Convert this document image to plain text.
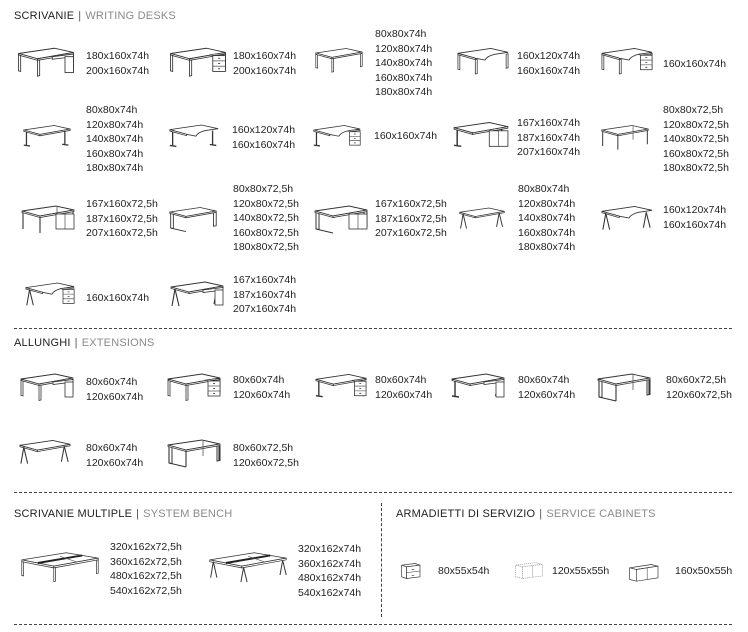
SCRIVANIE | WRITING DESKS
ALLUNGHI | EXTENSIONS
SCRIVANIE MULTIPLE | SYSTEM BENCH	ARMADIETTI DI SERVIZIO | SERVICE CABINETS
180x160x74h
200x160x74h
180x160x74h
200x160x74h
80x80x74h
120x80x74h
140x80x74h
160x80x74h
180x80x74h
160x120x74h
160x160x74h
160x160x74h
80x80x74h
120x80x74h
140x80x74h
160x80x74h
180x80x74h
160x120x74h
160x160x74h
160x160x74h
167x160x74h
187x160x74h
207x160x74h
80x80x72,5h
120x80x72,5h
140x80x72,5h
160x80x72,5h
180x80x72,5h
167x160x72,5h
187x160x72,5h
207x160x72,5h
80x80x72,5h
120x80x72,5h
140x80x72,5h
160x80x72,5h
180x80x72,5h
167x160x72,5h
187x160x72,5h
207x160x72,5h
80x80x74h
120x80x74h
140x80x74h
160x80x74h
180x80x74h
160x120x74h
160x160x74h
160x160x74h
167x160x74h
187x160x74h
207x160x74h
80x60x74h
120x60x74h
80x60x74h
120x60x74h
80x60x74h
120x60x74h
80x60x74h
120x60x74h
80x60x72,5h
120x60x72,5h
80x60x74h
120x60x74h
80x60x72,5h
120x60x72,5h
320x162x72,5h
360x162x72,5h
480x162x72,5h
540x162x72,5h
320x162x74h
360x162x74h
480x162x74h
540x162x74h
80x55x54h	120x55x55h	160x50x55h
